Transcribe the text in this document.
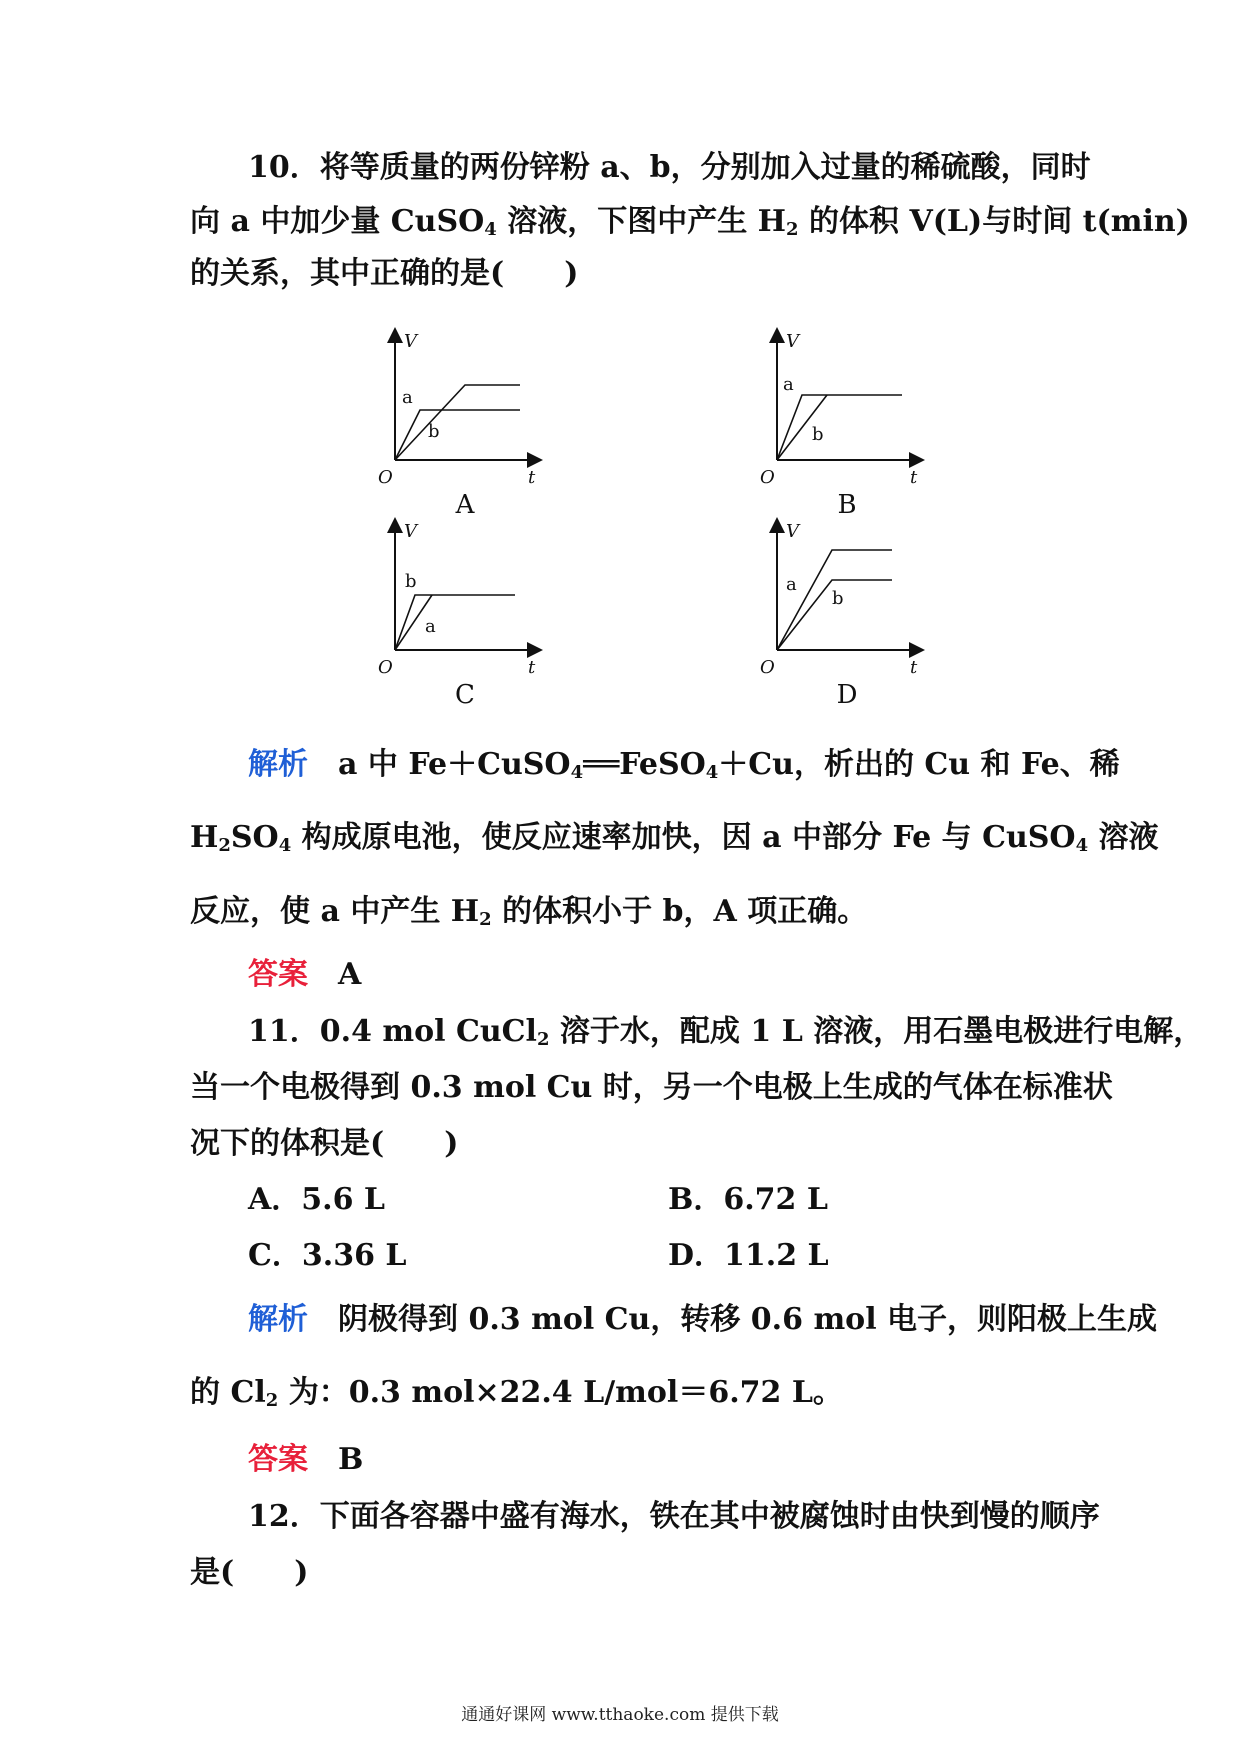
10．将等质量的两份锌粉 a、b，分别加入过量的稀硫酸，同时
向 a 中加少量 CuSO$_4$ 溶液，下图中产生 $H_2$ 的体积 V(L)与时间 t(min)
的关系，其中正确的是(　　)
V
t
O
a
b
A
V
t
O
a
b
B
V
t
O
b
a
C
V
t
O
a
b
D
解析　 a 中 Fe＋CuSO$_4$══FeSO$_4$＋Cu，析出的 Cu 和 Fe、稀
$H_2SO_4$ 构成原电池，使反应速率加快，因 a 中部分 Fe 与 CuSO$_4$ 溶液
反应，使 a 中产生 $H_2$ 的体积小于 b，A 项正确。
答案　 A
11．0.4 mol CuCl$_2$ 溶于水，配成 1 L 溶液，用石墨电极进行电解，
当一个电极得到 0.3 mol Cu 时，另一个电极上生成的气体在标准状
况下的体积是(　　)
A．5.6 L	B．6.72 L
C．3.36 L	D．11.2 L
解析　 阴极得到 0.3 mol Cu，转移 0.6 mol 电子，则阳极上生成
的 $Cl_2$ 为：0.3 mol×22.4 L/mol＝6.72 L。
答案　 B
12．下面各容器中盛有海水，铁在其中被腐蚀时由快到慢的顺序
是(　　)
通通好课网 www.tthaoke.com 提供下载
